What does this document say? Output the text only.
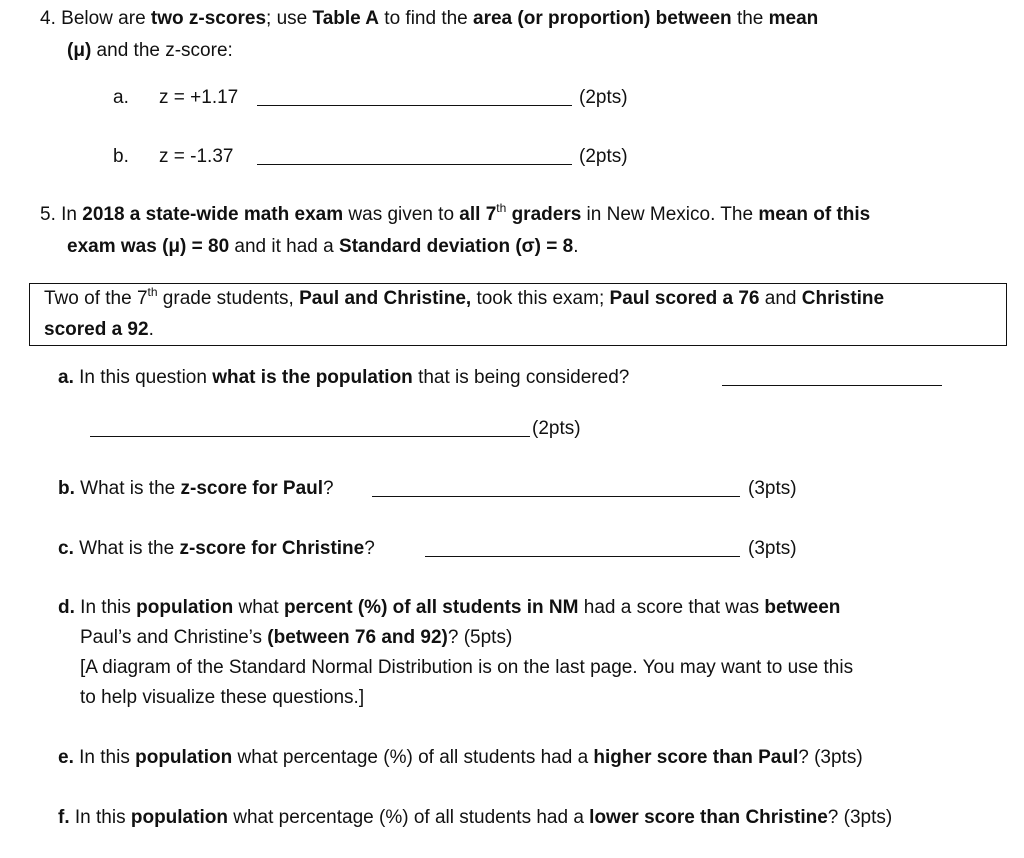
4. Below are two z-scores; use Table A to find the area (or proportion) between the mean
(μ) and the z-score:
a. z = +1.17	(2pts)
b. z = -1.37	(2pts)
5. In 2018 a state-wide math exam was given to all 7th graders in New Mexico. The mean of this
exam was (μ) = 80 and it had a Standard deviation (σ) = 8.
Two of the 7th grade students, Paul and Christine, took this exam; Paul scored a 76 and Christine
scored a 92.
a. In this question what is the population that is being considered?
(2pts)
b. What is the z-score for Paul?	(3pts)
c. What is the z-score for Christine?	(3pts)
d. In this population what percent (%) of all students in NM had a score that was between
Paul’s and Christine’s (between 76 and 92)? (5pts)
[A diagram of the Standard Normal Distribution is on the last page. You may want to use this
to help visualize these questions.]
e. In this population what percentage (%) of all students had a higher score than Paul? (3pts)
f. In this population what percentage (%) of all students had a lower score than Christine? (3pts)
